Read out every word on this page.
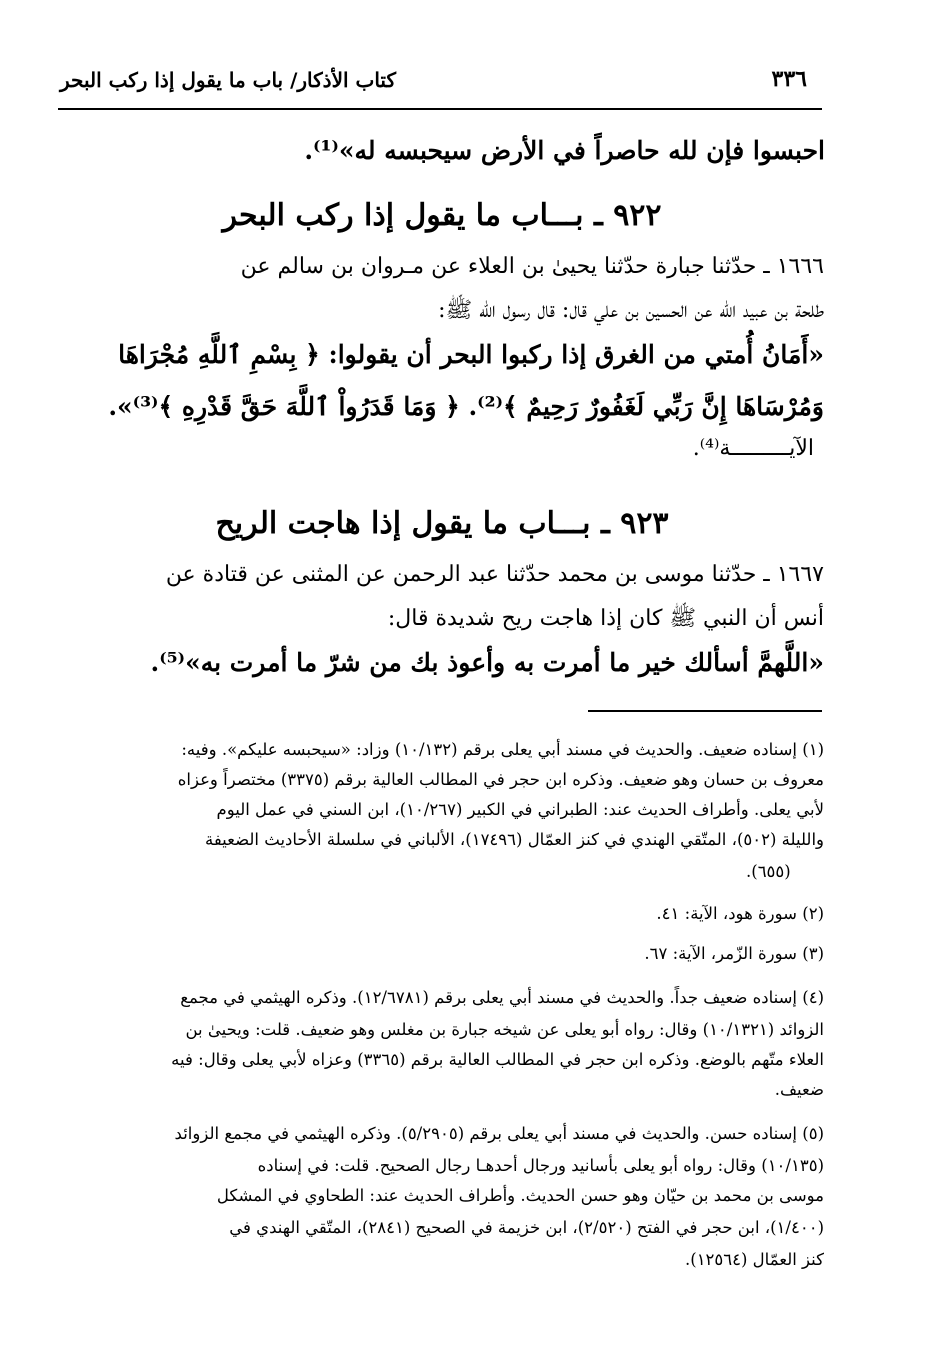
كتاب الأذكار/ باب ما يقول إذا ركب البحر	٣٣٦
احبسوا فإن لله حاصراً في الأرض سيحبسه له»⁽¹⁾.
٩٢٢ ـ بـــاب ما يقول إذا ركب البحر
١٦٦٦ ـ حدّثنا جبارة حدّثنا يحيىٰ بن العلاء عن مـروان بن سالم عن
طلحة بن عبيد الله عن الحسين بن علي قال: قال رسول الله ﷺ:
«أَمَانُ أُمتي من الغرق إذا ركبوا البحر أن يقولوا: ﴿ بِسْمِ ٱللَّهِ مُجْرَاهَا
وَمُرْسَاهَا إِنَّ رَبِّي لَغَفُورٌ رَحِيمٌ ﴾⁽²⁾. ﴿ وَمَا قَدَرُواْ ٱللَّهَ حَقَّ قَدْرِهِ ﴾⁽³⁾».
الآيـــــــــة⁽⁴⁾.
٩٢٣ ـ بـــاب ما يقول إذا هاجت الريح
١٦٦٧ ـ حدّثنا موسى بن محمد حدّثنا عبد الرحمن عن المثنى عن قتادة عن
أنس أن النبي ﷺ كان إذا هاجت ريح شديدة قال:
«اللَّهمَّ أسألك خير ما أمرت به وأعوذ بك من شرّ ما أمرت به»⁽⁵⁾.
(١) إسناده ضعيف. والحديث في مسند أبي يعلى برقم (١٠/١٣٢) وزاد: «سيحبسه عليكم». وفيه:
معروف بن حسان وهو ضعيف. وذكره ابن حجر في المطالب العالية برقم (٣٣٧٥) مختصراً وعزاه
لأبي يعلى. وأطراف الحديث عند: الطبراني في الكبير (١٠/٢٦٧)، ابن السني في عمل اليوم
والليلة (٥٠٢)، المتّقي الهندي في كنز العمّال (١٧٤٩٦)، الألباني في سلسلة الأحاديث الضعيفة
(٦٥٥).
(٢) سورة هود، الآية: ٤١.
(٣) سورة الزّمر، الآية: ٦٧.
(٤) إسناده ضعيف جداً. والحديث في مسند أبي يعلى برقم (١٢/٦٧٨١). وذكره الهيثمي في مجمع
الزوائد (١٠/١٣٢١) وقال: رواه أبو يعلى عن شيخه جبارة بن مغلس وهو ضعيف. قلت: ويحيىٰ بن
العلاء متّهم بالوضع. وذكره ابن حجر في المطالب العالية برقم (٣٣٦٥) وعزاه لأبي يعلى وقال: فيه
ضعيف.
(٥) إسناده حسن. والحديث في مسند أبي يعلى برقم (٥/٢٩٠٥). وذكره الهيثمي في مجمع الزوائد
(١٠/١٣٥) وقال: رواه أبو يعلى بأسانيد ورجال أحدهـا رجال الصحيح. قلت: في إسناده
موسى بن محمد بن حيّان وهو حسن الحديث. وأطراف الحديث عند: الطحاوي في المشكل
(١/٤٠٠)، ابن حجر في الفتح (٢/٥٢٠)، ابن خزيمة في الصحيح (٢٨٤١)، المتّقي الهندي في
كنز العمّال (١٢٥٦٤).
